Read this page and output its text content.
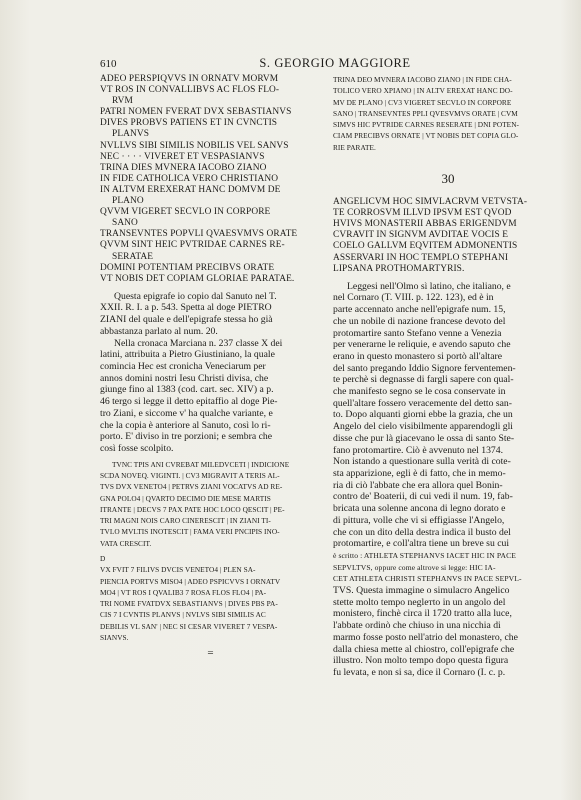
610	S. GEORGIO MAGGIORE
ADEO PERSPIQVVS IN ORNATV MORVM
VT ROS IN CONVALLIBVS AC FLOS FLO-
RVM
PATRI NOMEN FVERAT DVX SEBASTIANVS
DIVES PROBVS PATIENS ET IN CVNCTIS
PLANVS
NVLLVS SIBI SIMILIS NOBILIS VEL SANVS
NEC · · · · VIVERET ET VESPASIANVS
TRINA DIES MVNERA IACOBO ZIANO
IN FIDE CATHOLICA VERO CHRISTIANO
IN ALTVM EREXERAT HANC DOMVM DE
PLANO
QVVM VIGERET SECVLO IN CORPORE
SANO
TRANSEVNTES POPVLI QVAESVMVS ORATE
QVVM SINT HEIC PVTRIDAE CARNES RE-
SERATAE
DOMINI POTENTIAM PRECIBVS ORATE
VT NOBIS DET COPIAM GLORIAE PARATAE.
Questa epigrafe io copio dal Sanuto nel T.
XXII. R. I. a p. 543. Spetta al doge PIETRO
ZIANI del quale e dell'epigrafe stessa ho già
abbastanza parlato al num. 20.
Nella cronaca Marciana n. 237 classe X dei
latini, attribuita a Pietro Giustiniano, la quale
comincia Hec est cronicha Veneciarum per
annos domini nostri Iesu Christi divisa, che
giunge fino al 1383 (cod. cart. sec. XIV) a p.
46 tergo si legge il detto epitaffio al doge Pie-
tro Ziani, e siccome v' ha qualche variante, e
che la copia è anteriore al Sanuto, così lo ri-
porto. E' diviso in tre porzioni; e sembra che
così fosse scolpito.
TVNC TPIS ANI CVREBAT MILEDVCETI | INDICIONE
SCDA NOVEQ. VIGINTI. | CV3 MIGRAVIT A TERIS AL-
TVS DVX VENETO4 | PETRVS ZIANI VOCATVS AD RE-
GNA POLO4 | QVARTO DECIMO DIE MESE MARTIS
ITRANTE | DECVS 7 PAX PATE HOC LOCO QESCIT | PE-
TRI MAGNI NOIS CARO CINERESCIT | IN ZIANI TI-
TVLO MVLTIS INOTESCIT | FAMA VERI PNCIPIS INO-
VATA CRESCIT.
D
VX FVIT 7 FILIVS DVCIS VENETO4 | PLEN SA-
PIENCIA PORTVS MISO4 | ADEO PSPICVVS I ORNATV
MO4 | VT ROS I QVALIB3 7 ROSA FLOS FLO4 | PA-
TRI NOME FVATDVX SEBASTIANVS | DIVES PBS PA-
CIS 7 I CVNTIS PLANVS | NVLVS SIBI SIMILIS AC
DEBILIS VL SAN' | NEC SI CESAR VIVERET 7 VESPA-
SIANVS.
=
TRINA DEO MVNERA IACOBO ZIANO | IN FIDE CHA-
TOLICO VERO XPIANO | IN ALTV EREXAT HANC DO-
MV DE PLANO | CV3 VIGERET SECVLO IN CORPORE
SANO | TRANSEVNTES PPLI QVESVMVS ORATE | CVM
SIMVS HIC PVTRIDE CARNES RESERATE | DNI POTEN-
CIAM PRECIBVS ORNATE | VT NOBIS DET COPIA GLO-
RIE PARATE.
30
ANGELICVM HOC SIMVLACRVM VETVSTA-
TE CORROSVM ILLVD IPSVM EST QVOD
HVIVS MONASTERII ABBAS ERIGENDVM
CVRAVIT IN SIGNVM AVDITAE VOCIS E
COELO GALLVM EQVITEM ADMONENTIS
ASSERVARI IN HOC TEMPLO STEPHANI
LIPSANA PROTHOMARTYRIS.
Leggesi nell'Olmo sì latino, che italiano, e
nel Cornaro (T. VIII. p. 122. 123), ed è in
parte accennato anche nell'epigrafe num. 15,
che un nobile di nazione francese devoto del
protomartire santo Stefano venne a Venezia
per venerarne le reliquie, e avendo saputo che
erano in questo monastero si portò all'altare
del santo pregando Iddio Signore ferventemen-
te perchè si degnasse di fargli sapere con qual-
che manifesto segno se le cosa conservate in
quell'altare fossero veracemente del detto san-
to. Dopo alquanti giorni ebbe la grazia, che un
Angelo del cielo visibilmente apparendogli gli
disse che pur là giacevano le ossa di santo Ste-
fano protomartire. Ciò è avvenuto nel 1374.
Non istando a questionare sulla verità di cote-
sta apparizione, egli è di fatto, che in memo-
ria di ciò l'abbate che era allora quel Bonin-
contro de' Boaterii, di cui vedi il num. 19, fab-
bricata una solenne ancona di legno dorato e
di pittura, volle che vi si effigiasse l'Angelo,
che con un dito della destra indica il busto del
protomartire, e coll'altra tiene un breve su cui
è scritto : ATHLETA STEPHANVS IACET HIC IN PACE
SEPVLTVS, oppure come altrove si legge: HIC IA-
CET ATHLETA CHRISTI STEPHANVS IN PACE SEPVL-
TVS. Questa immagine o simulacro Angelico
stette molto tempo neglетto in un angolo del
monistero, finchè circa il 1720 tratto alla luce,
l'abbate ordinò che chiuso in una nicchia di
marmo fosse posto nell'atrio del monastero, che
dalla chiesa mette al chiostro, coll'epigrafe che
illustro. Non molto tempo dopo questa figura
fu levata, e non si sa, dice il Cornaro (I. c. p.
